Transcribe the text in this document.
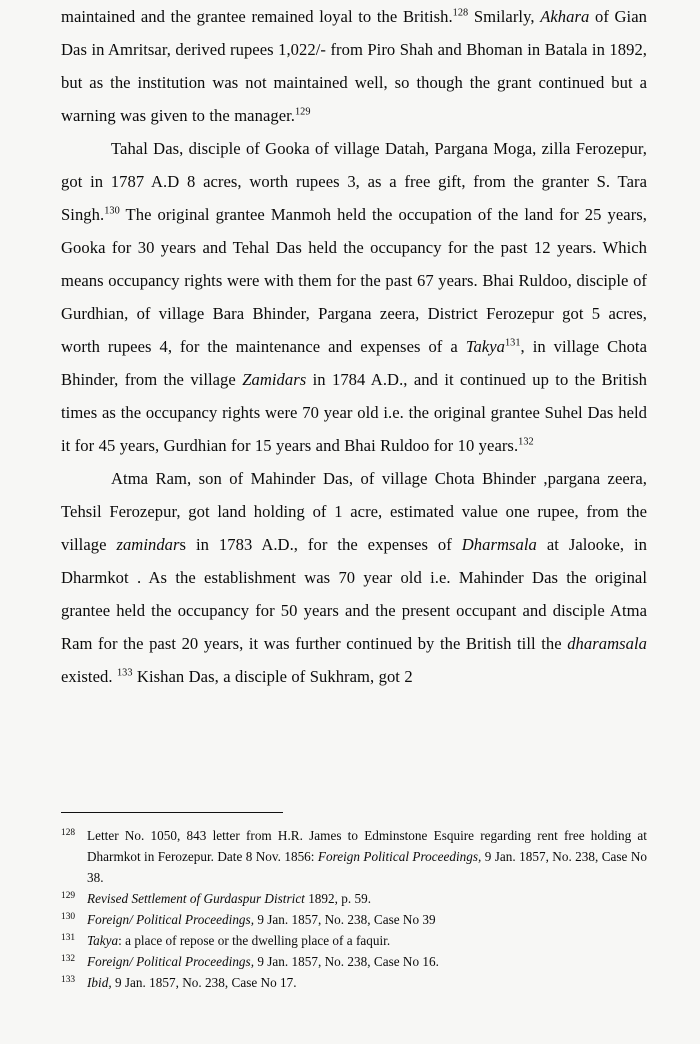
maintained and the grantee remained loyal to the British.$^{128}$ Smilarly, Akhara of Gian Das in Amritsar, derived rupees 1,022/- from Piro Shah and Bhoman in Batala in 1892, but as the institution was not maintained well, so though the grant continued but a warning was given to the manager.$^{129}$

Tahal Das, disciple of Gooka of village Datah, Pargana Moga, zilla Ferozepur, got in 1787 A.D 8 acres, worth rupees 3, as a free gift, from the granter S. Tara Singh.$^{130}$ The original grantee Manmoh held the occupation of the land for 25 years, Gooka for 30 years and Tehal Das held the occupancy for the past 12 years. Which means occupancy rights were with them for the past 67 years. Bhai Ruldoo, disciple of Gurdhian, of village Bara Bhinder, Pargana zeera, District Ferozepur got 5 acres, worth rupees 4, for the maintenance and expenses of a Takya$^{131}$, in village Chota Bhinder, from the village Zamidars in 1784 A.D., and it continued up to the British times as the occupancy rights were 70 year old i.e. the original grantee Suhel Das held it for 45 years, Gurdhian for 15 years and Bhai Ruldoo for 10 years.$^{132}$

Atma Ram, son of Mahinder Das, of village Chota Bhinder ,pargana zeera, Tehsil Ferozepur, got land holding of 1 acre, estimated value one rupee, from the village zamindars in 1783 A.D., for the expenses of Dharmsala at Jalooke, in Dharmkot . As the establishment was 70 year old i.e. Mahinder Das the original grantee held the occupancy for 50 years and the present occupant and disciple Atma Ram for the past 20 years, it was further continued by the British till the dharamsala existed. $^{133}$ Kishan Das, a disciple of Sukhram, got 2

128 Letter No. 1050, 843 letter from H.R. James to Edminstone Esquire regarding rent free holding at Dharmkot in Ferozepur. Date 8 Nov. 1856: Foreign Political Proceedings, 9 Jan. 1857, No. 238, Case No 38.
129 Revised Settlement of Gurdaspur District 1892, p. 59.
130 Foreign/ Political Proceedings, 9 Jan. 1857, No. 238, Case No 39
131 Takya: a place of repose or the dwelling place of a faquir.
132 Foreign/ Political Proceedings, 9 Jan. 1857, No. 238, Case No 16.
133 Ibid, 9 Jan. 1857, No. 238, Case No 17.
